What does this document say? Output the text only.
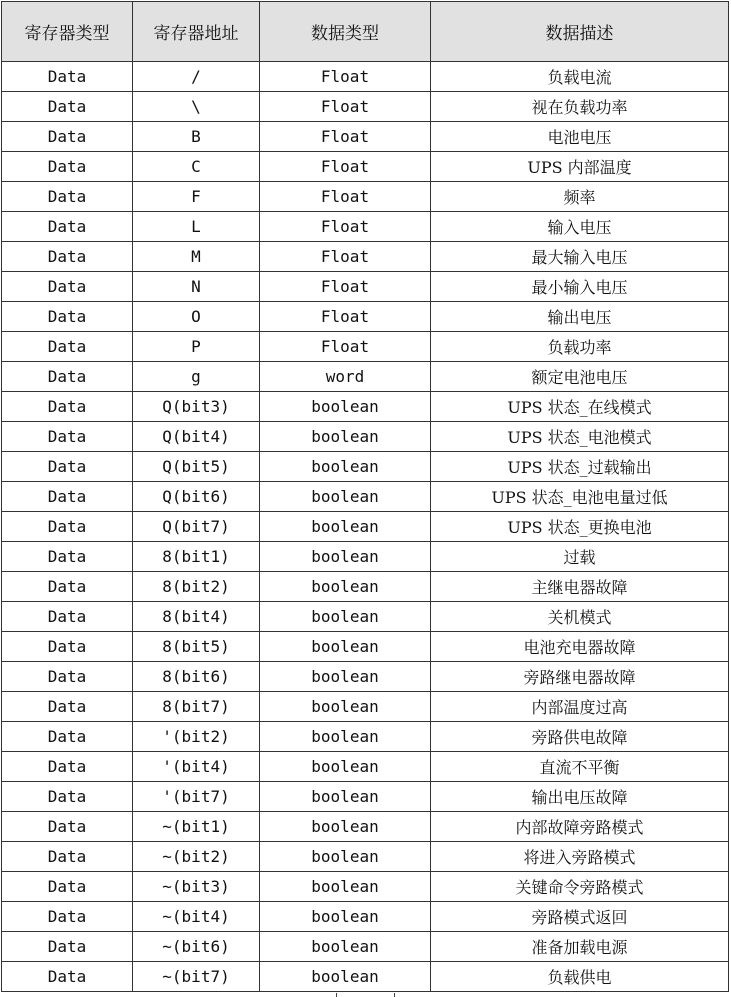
寄存器类型	寄存器地址	数据类型	数据描述
Data	/	Float	负载电流
Data	\	Float	视在负载功率
Data	B	Float	电池电压
Data	C	Float	UPS 内部温度
Data	F	Float	频率
Data	L	Float	输入电压
Data	M	Float	最大输入电压
Data	N	Float	最小输入电压
Data	O	Float	输出电压
Data	P	Float	负载功率
Data	g	word	额定电池电压
Data	Q(bit3)	boolean	UPS 状态_在线模式
Data	Q(bit4)	boolean	UPS 状态_电池模式
Data	Q(bit5)	boolean	UPS 状态_过载输出
Data	Q(bit6)	boolean	UPS 状态_电池电量过低
Data	Q(bit7)	boolean	UPS 状态_更换电池
Data	8(bit1)	boolean	过载
Data	8(bit2)	boolean	主继电器故障
Data	8(bit4)	boolean	关机模式
Data	8(bit5)	boolean	电池充电器故障
Data	8(bit6)	boolean	旁路继电器故障
Data	8(bit7)	boolean	内部温度过高
Data	'(bit2)	boolean	旁路供电故障
Data	'(bit4)	boolean	直流不平衡
Data	'(bit7)	boolean	输出电压故障
Data	~(bit1)	boolean	内部故障旁路模式
Data	~(bit2)	boolean	将进入旁路模式
Data	~(bit3)	boolean	关键命令旁路模式
Data	~(bit4)	boolean	旁路模式返回
Data	~(bit6)	boolean	准备加载电源
Data	~(bit7)	boolean	负载供电
